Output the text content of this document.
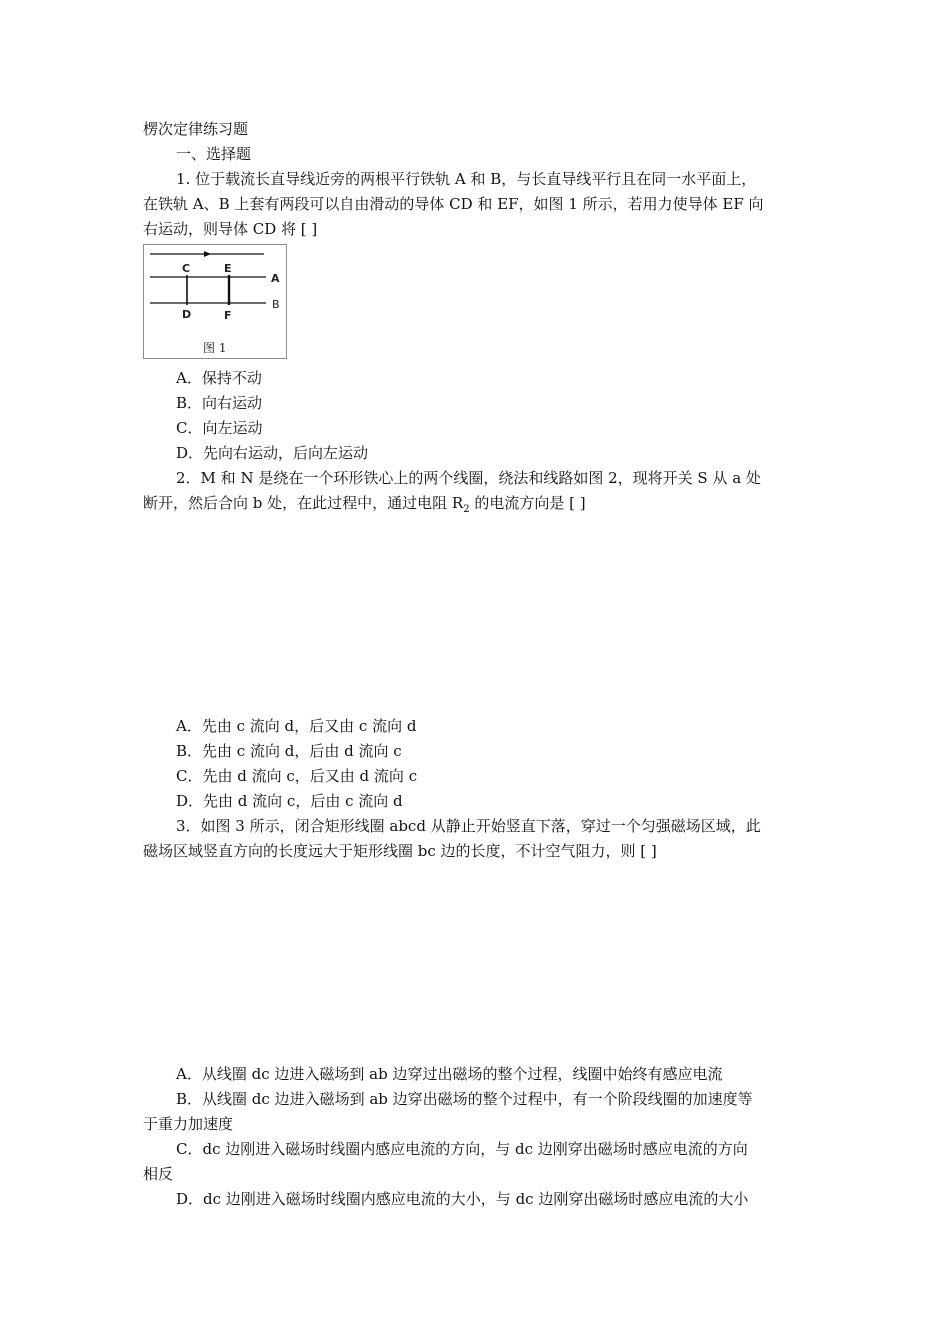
楞次定律练习题
一、选择题
1. 位于载流长直导线近旁的两根平行铁轨 A 和 B，与长直导线平行且在同一水平面上，
在铁轨 A、B 上套有两段可以自由滑动的导体 CD 和 EF，如图 1 所示，若用力使导体 EF 向
右运动，则导体 CD 将 [ ]
C	E
A
B
D	F
图 1
A．保持不动
B．向右运动
C．向左运动
D．先向右运动，后向左运动
2．M 和 N 是绕在一个环形铁心上的两个线圈，绕法和线路如图 2，现将开关 S 从 a 处
断开，然后合向 b 处，在此过程中，通过电阻 $R_2$ 的电流方向是 [ ]
A．先由 c 流向 d，后又由 c 流向 d
B．先由 c 流向 d，后由 d 流向 c
C．先由 d 流向 c，后又由 d 流向 c
D．先由 d 流向 c，后由 c 流向 d
3．如图 3 所示，闭合矩形线圈 abcd 从静止开始竖直下落，穿过一个匀强磁场区域，此
磁场区域竖直方向的长度远大于矩形线圈 bc 边的长度，不计空气阻力，则 [ ]
A．从线圈 dc 边进入磁场到 ab 边穿过出磁场的整个过程，线圈中始终有感应电流
B．从线圈 dc 边进入磁场到 ab 边穿出磁场的整个过程中，有一个阶段线圈的加速度等
于重力加速度
C．dc 边刚进入磁场时线圈内感应电流的方向，与 dc 边刚穿出磁场时感应电流的方向
相反
D．dc 边刚进入磁场时线圈内感应电流的大小，与 dc 边刚穿出磁场时感应电流的大小
